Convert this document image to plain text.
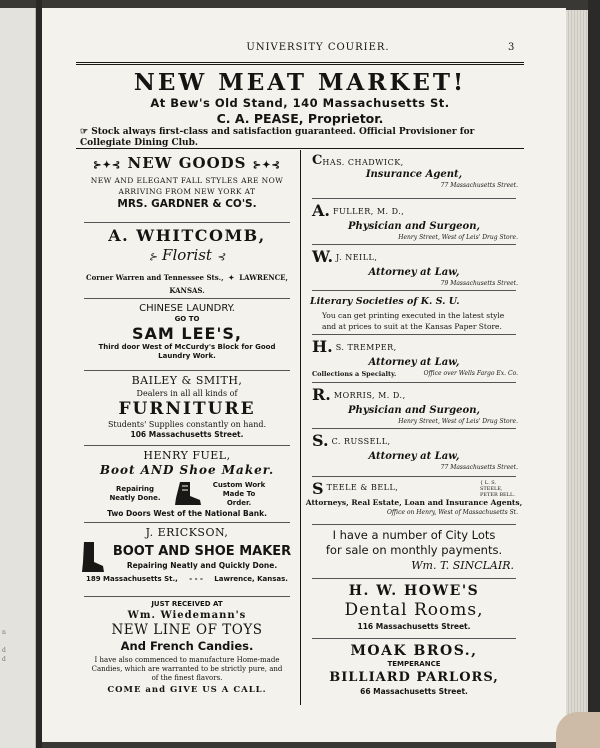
n

d
d
UNIVERSITY COURIER.	3
NEW MEAT MARKET!
At Bew's Old Stand, 140 Massachusetts St.
C. A. PEASE, Proprietor.
☞ Stock always first-class and satisfaction guaranteed. Official Provisioner for Collegiate Dining Club.
⊱✦⊰ NEW GOODS ⊱✦⊰
NEW AND ELEGANT FALL STYLES ARE NOW ARRIVING FROM NEW YORK AT
MRS. GARDNER & CO'S.
A. WHITCOMB,
⊱ Florist ⊰
Corner Warren and Tennessee Sts.,  ✦  LAWRENCE, KANSAS.
CHINESE LAUNDRY.
GO TO
SAM LEE'S,
Third door West of McCurdy's Block for Good Laundry Work.
BAILEY & SMITH,
Dealers in all all kinds of
FURNITURE
Students' Supplies constantly on hand.
106 Massachusetts Street.
HENRY FUEL,
Boot AND Shoe Maker.
Repairing Neatly Done.
Custom Work Made To Order.
Two Doors West of the National Bank.
J. ERICKSON,
BOOT AND SHOE MAKER
Repairing Neatly and Quickly Done.
189 Massachusetts St., - - - Lawrence, Kansas.
JUST RECEIVED AT
Wm. Wiedemann's
NEW LINE OF TOYS
And French Candies.
I have also commenced to manufacture Home-made Candies, which are warranted to be strictly pure, and of the finest flavors.
COME and GIVE US A CALL.
C HAS. CHADWICK,
Insurance Agent,
77 Massachusetts Street.
A. FULLER, M. D.,
Physician and Surgeon,
Henry Street, West of Leis' Drug Store.
W. J. NEILL,
Attorney at Law,
79 Massachusetts Street.
Literary Societies of K. S. U.
You can get printing executed in the latest style and at prices to suit at the Kansas Paper Store.
H. S. TREMPER,
Attorney at Law,
Collections a Specialty.	Office over Wells Fargo Ex. Co.
R. MORRIS, M. D.,
Physician and Surgeon,
Henry Street, West of Leis' Drug Store.
S. C. RUSSELL,
Attorney at Law,
77 Massachusetts Street.
S TEELE & BELL,	{ L. S. STEELE, PETER BELL.
Attorneys, Real Estate, Loan and Insurance Agents,
Office on Henry, West of Massachusetts St.
I have a number of City Lots
for sale on monthly payments.
Wm. T. SINCLAIR.
H. W. HOWE'S
Dental Rooms,
116 Massachusetts Street.
MOAK BROS.,
TEMPERANCE
BILLIARD PARLORS,
66 Massachusetts Street.
